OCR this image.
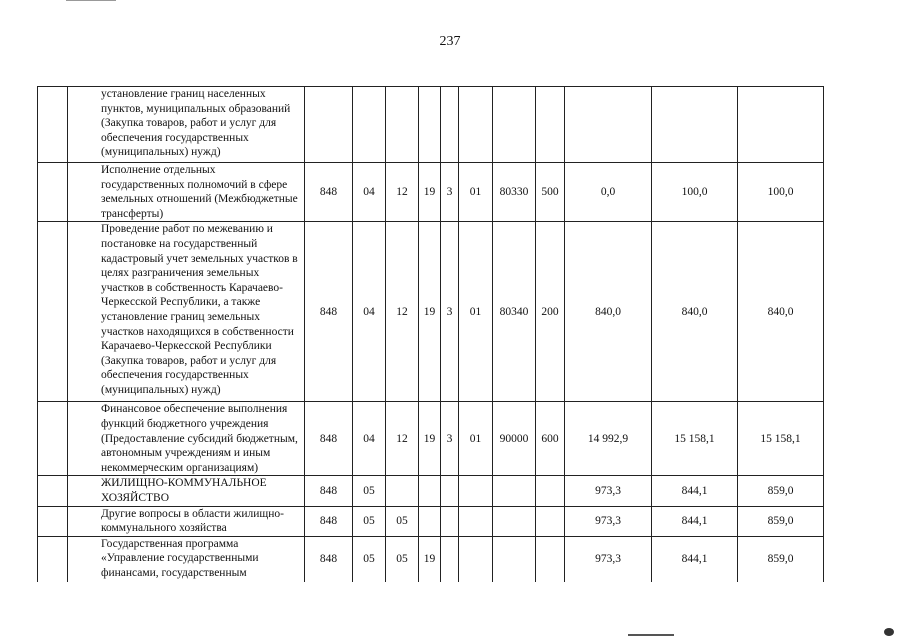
237
	установление границ населенных пунктов, муниципальных образований (Закупка товаров, работ и услуг для обеспечения государственных (муниципальных) нужд)											
	Исполнение отдельных государственных полномочий в сфере земельных отношений (Межбюджетные трансферты)	848	04	12	19	3	01	80330	500	0,0	100,0	100,0
	Проведение работ по межеванию и постановке на государственный кадастровый учет земельных участков в целях разграничения земельных участков в собственность Карачаево-Черкесской Республики, а также установление границ земельных участков находящихся в собственности Карачаево-Черкесской Республики (Закупка товаров, работ и услуг для обеспечения государственных (муниципальных) нужд)	848	04	12	19	3	01	80340	200	840,0	840,0	840,0
	Финансовое обеспечение выполнения функций бюджетного учреждения (Предоставление субсидий бюджетным, автономным учреждениям и иным некоммерческим организациям)	848	04	12	19	3	01	90000	600	14 992,9	15 158,1	15 158,1
	ЖИЛИЩНО-КОММУНАЛЬНОЕ ХОЗЯЙСТВО	848	05							973,3	844,1	859,0
	Другие вопросы в области жилищно-коммунального хозяйства	848	05	05						973,3	844,1	859,0
	Государственная программа «Управление государственными финансами, государственным	848	05	05	19					973,3	844,1	859,0
